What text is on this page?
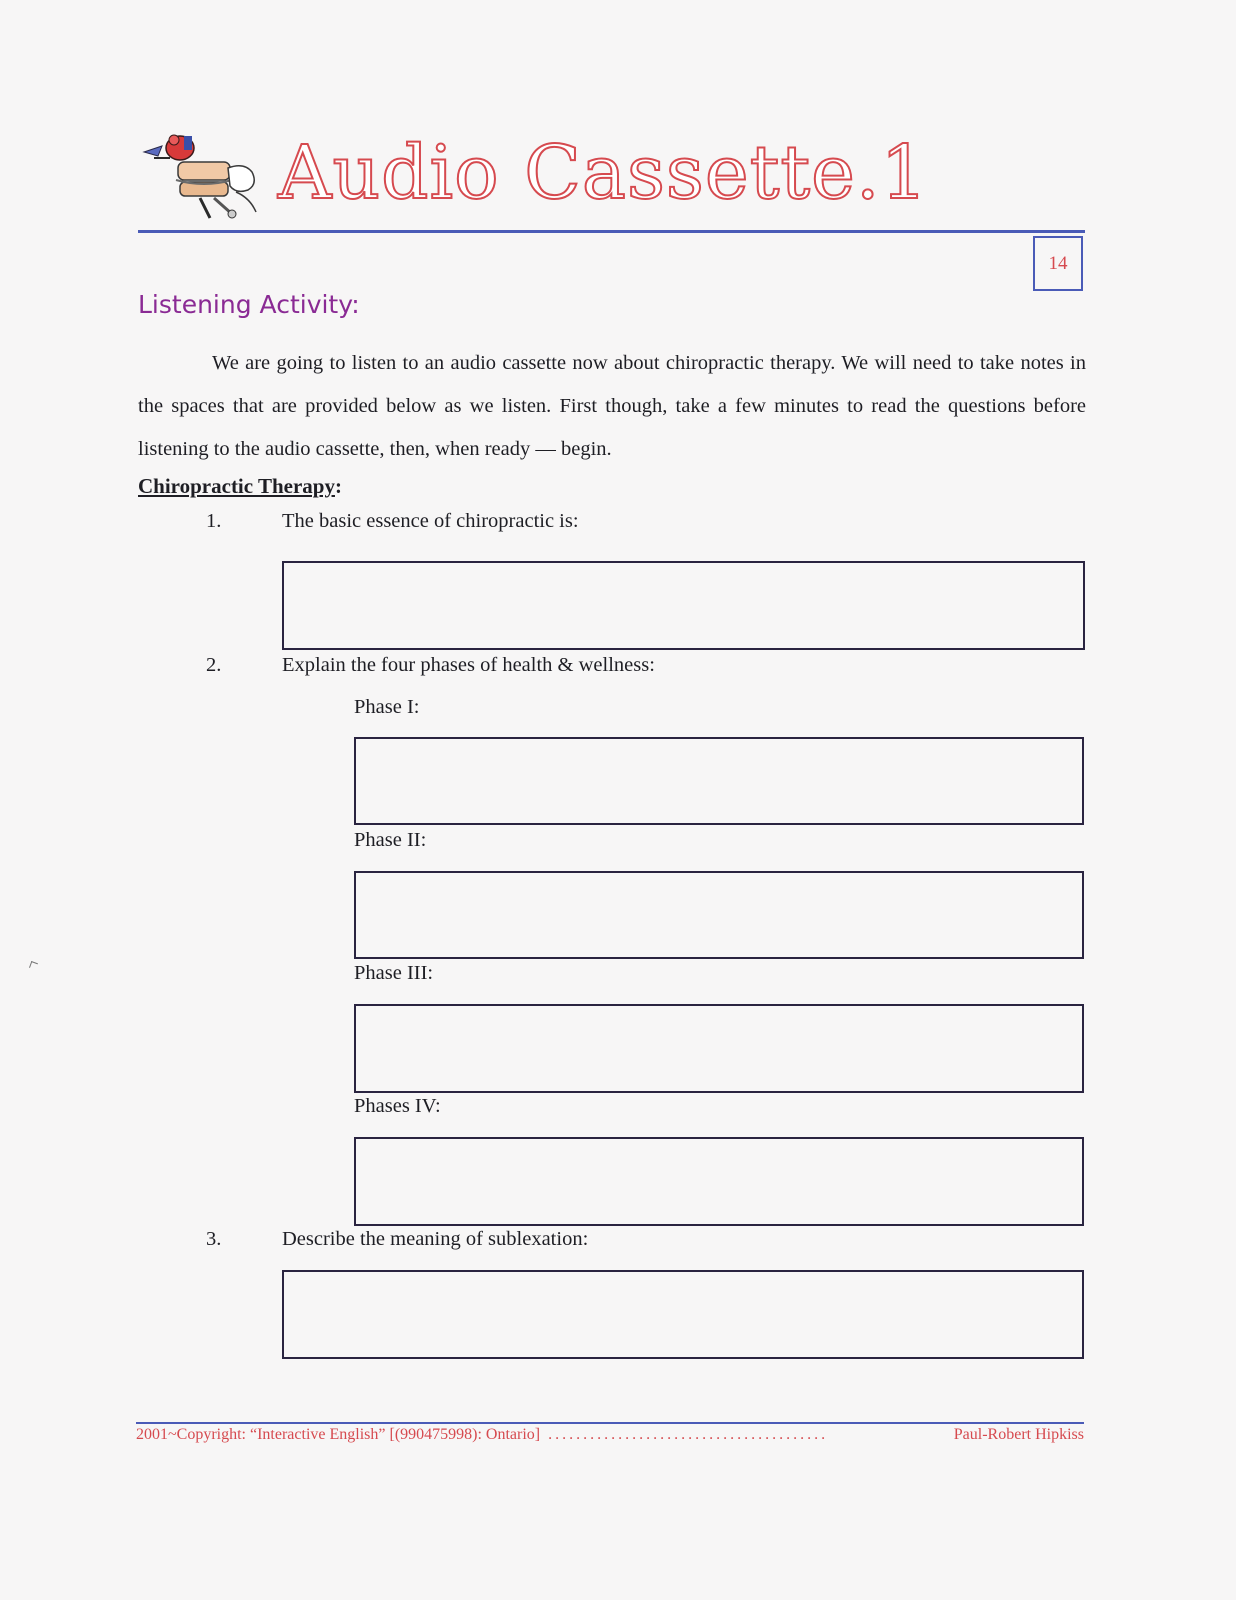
Audio Cassette.1
14
Listening Activity:

We are going to listen to an audio cassette now about chiropractic therapy. We will need to take notes in the spaces that are provided below as we listen. First though, take a few minutes to read the questions before listening to the audio cassette, then, when ready — begin.

Chiropractic Therapy:
1.	The basic essence of chiropractic is:
2.	Explain the four phases of health & wellness:
Phase I:
Phase II:
Phase III:
Phases IV:
3.	Describe the meaning of sublexation:
2001~Copyright: “Interactive English” [(990475998): Ontario] ........................................	Paul-Robert Hipkiss
